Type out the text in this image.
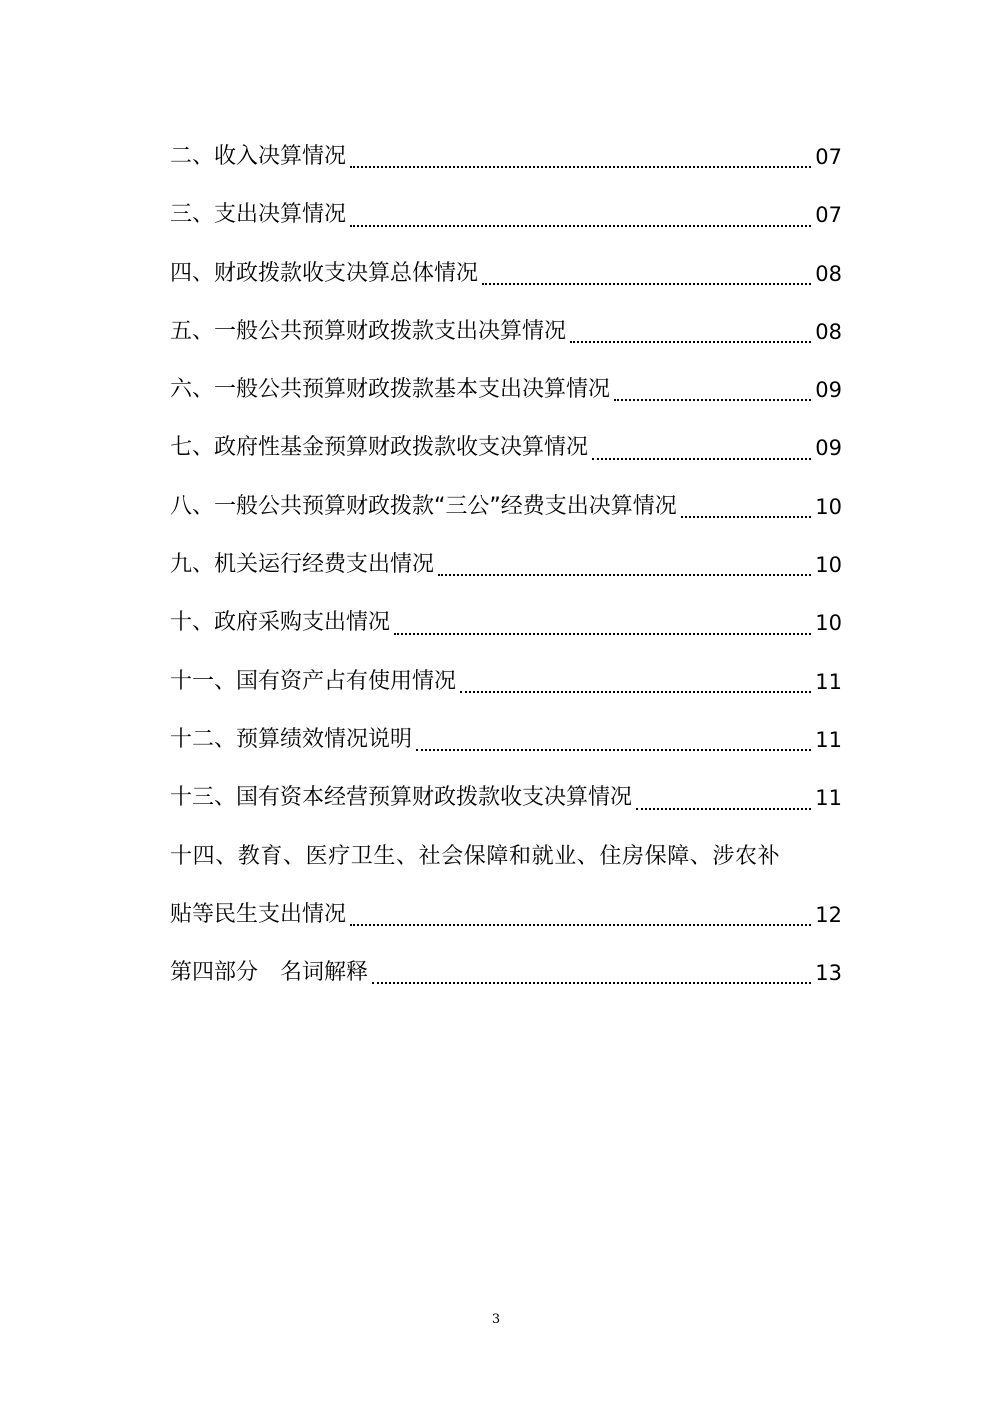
二、收入决算情况	07
三、支出决算情况	07
四、财政拨款收支决算总体情况	08
五、一般公共预算财政拨款支出决算情况	08
六、一般公共预算财政拨款基本支出决算情况	09
七、政府性基金预算财政拨款收支决算情况	09
八、一般公共预算财政拨款“三公”经费支出决算情况	10
九、机关运行经费支出情况	10
十、政府采购支出情况	10
十一、国有资产占有使用情况	11
十二、预算绩效情况说明	11
十三、国有资本经营预算财政拨款收支决算情况	11
十四、教育、医疗卫生、社会保障和就业、住房保障、涉农补
贴等民生支出情况	12
第四部分　名词解释	13
3
